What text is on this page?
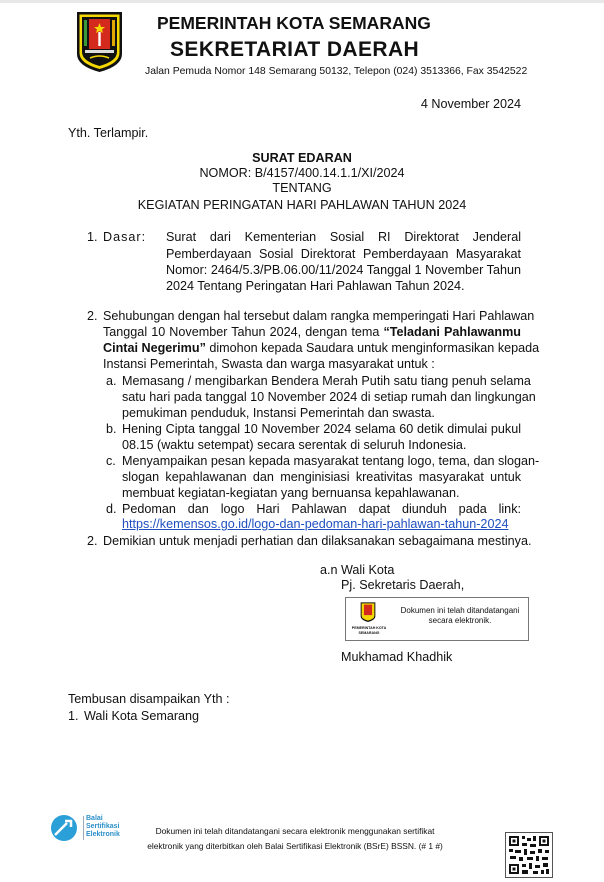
PEMERINTAH KOTA SEMARANG
SEKRETARIAT DAERAH
Jalan Pemuda Nomor 148 Semarang 50132, Telepon (024) 3513366, Fax 3542522
4 November 2024
Yth. Terlampir.
SURAT EDARAN
NOMOR: B/4157/400.14.1.1/XI/2024
TENTANG
KEGIATAN PERINGATAN HARI PAHLAWAN TAHUN 2024
1. Dasar: Surat dari Kementerian Sosial RI Direktorat Jenderal
Pemberdayaan Sosial Direktorat Pemberdayaan Masyarakat
Nomor: 2464/5.3/PB.06.00/11/2024 Tanggal 1 November Tahun
2024 Tentang Peringatan Hari Pahlawan Tahun 2024.
2. Sehubungan dengan hal tersebut dalam rangka memperingati Hari Pahlawan
Tanggal 10 November Tahun 2024, dengan tema “Teladani Pahlawanmu
Cintai Negerimu” dimohon kepada Saudara untuk menginformasikan kepada
Instansi Pemerintah, Swasta dan warga masyarakat untuk :
a. Memasang / mengibarkan Bendera Merah Putih satu tiang penuh selama
satu hari pada tanggal 10 November 2024 di setiap rumah dan lingkungan
pemukiman penduduk, Instansi Pemerintah dan swasta.
b. Hening Cipta tanggal 10 November 2024 selama 60 detik dimulai pukul
08.15 (waktu setempat) secara serentak di seluruh Indonesia.
c. Menyampaikan pesan kepada masyarakat tentang logo, tema, dan slogan-
slogan kepahlawanan dan menginisiasi kreativitas masyarakat untuk
membuat kegiatan-kegiatan yang bernuansa kepahlawanan.
d. Pedoman dan logo Hari Pahlawan dapat diunduh pada link:
https://kemensos.go.id/logo-dan-pedoman-hari-pahlawan-tahun-2024
2. Demikian untuk menjadi perhatian dan dilaksanakan sebagaimana mestinya.
a.n Wali Kota
Pj. Sekretaris Daerah,
PEMERINTAH KOTA SEMARANG
Dokumen ini telah ditandatangani
secara elektronik.
Mukhamad Khadhik
Tembusan disampaikan Yth :
1. Wali Kota Semarang
Balai Sertifikasi Elektronik	Dokumen ini telah ditandatangani secara elektronik menggunakan sertifikat
elektronik yang diterbitkan oleh Balai Sertifikasi Elektronik (BSrE) BSSN. (# 1 #)
